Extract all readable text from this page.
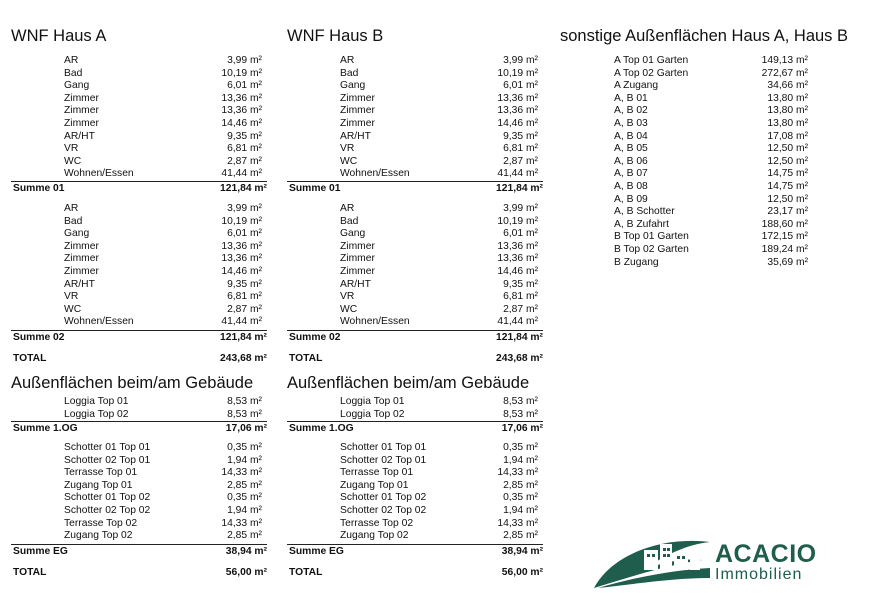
WNF Haus A
AR	3,99 m²
Bad	10,19 m²
Gang	6,01 m²
Zimmer	13,36 m²
Zimmer	13,36 m²
Zimmer	14,46 m²
AR/HT	9,35 m²
VR	6,81 m²
WC	2,87 m²
Wohnen/Essen	41,44 m²
Summe 01	121,84 m²
AR	3,99 m²
Bad	10,19 m²
Gang	6,01 m²
Zimmer	13,36 m²
Zimmer	13,36 m²
Zimmer	14,46 m²
AR/HT	9,35 m²
VR	6,81 m²
WC	2,87 m²
Wohnen/Essen	41,44 m²
Summe 02	121,84 m²
TOTAL	243,68 m²
Außenflächen beim/am Gebäude
Loggia Top 01	8,53 m²
Loggia Top 02	8,53 m²
Summe 1.OG	17,06 m²
Schotter 01 Top 01	0,35 m²
Schotter 02 Top 01	1,94 m²
Terrasse Top 01	14,33 m²
Zugang Top 01	2,85 m²
Schotter 01 Top 02	0,35 m²
Schotter 02 Top 02	1,94 m²
Terrasse Top 02	14,33 m²
Zugang Top 02	2,85 m²
Summe EG	38,94 m²
TOTAL	56,00 m²
WNF Haus B
AR	3,99 m²
Bad	10,19 m²
Gang	6,01 m²
Zimmer	13,36 m²
Zimmer	13,36 m²
Zimmer	14,46 m²
AR/HT	9,35 m²
VR	6,81 m²
WC	2,87 m²
Wohnen/Essen	41,44 m²
Summe 01	121,84 m²
AR	3,99 m²
Bad	10,19 m²
Gang	6,01 m²
Zimmer	13,36 m²
Zimmer	13,36 m²
Zimmer	14,46 m²
AR/HT	9,35 m²
VR	6,81 m²
WC	2,87 m²
Wohnen/Essen	41,44 m²
Summe 02	121,84 m²
TOTAL	243,68 m²
Außenflächen beim/am Gebäude
Loggia Top 01	8,53 m²
Loggia Top 02	8,53 m²
Summe 1.OG	17,06 m²
Schotter 01 Top 01	0,35 m²
Schotter 02 Top 01	1,94 m²
Terrasse Top 01	14,33 m²
Zugang Top 01	2,85 m²
Schotter 01 Top 02	0,35 m²
Schotter 02 Top 02	1,94 m²
Terrasse Top 02	14,33 m²
Zugang Top 02	2,85 m²
Summe EG	38,94 m²
TOTAL	56,00 m²
sonstige Außenflächen Haus A, Haus B
A Top 01 Garten	149,13 m²
A Top 02 Garten	272,67 m²
A Zugang	34,66 m²
A, B 01	13,80 m²
A, B 02	13,80 m²
A, B 03	13,80 m²
A, B 04	17,08 m²
A, B 05	12,50 m²
A, B 06	12,50 m²
A, B 07	14,75 m²
A, B 08	14,75 m²
A, B 09	12,50 m²
A, B Schotter	23,17 m²
A, B Zufahrt	188,60 m²
B Top 01 Garten	172,15 m²
B Top 02 Garten	189,24 m²
B Zugang	35,69 m²
ACACIO
Immobilien
